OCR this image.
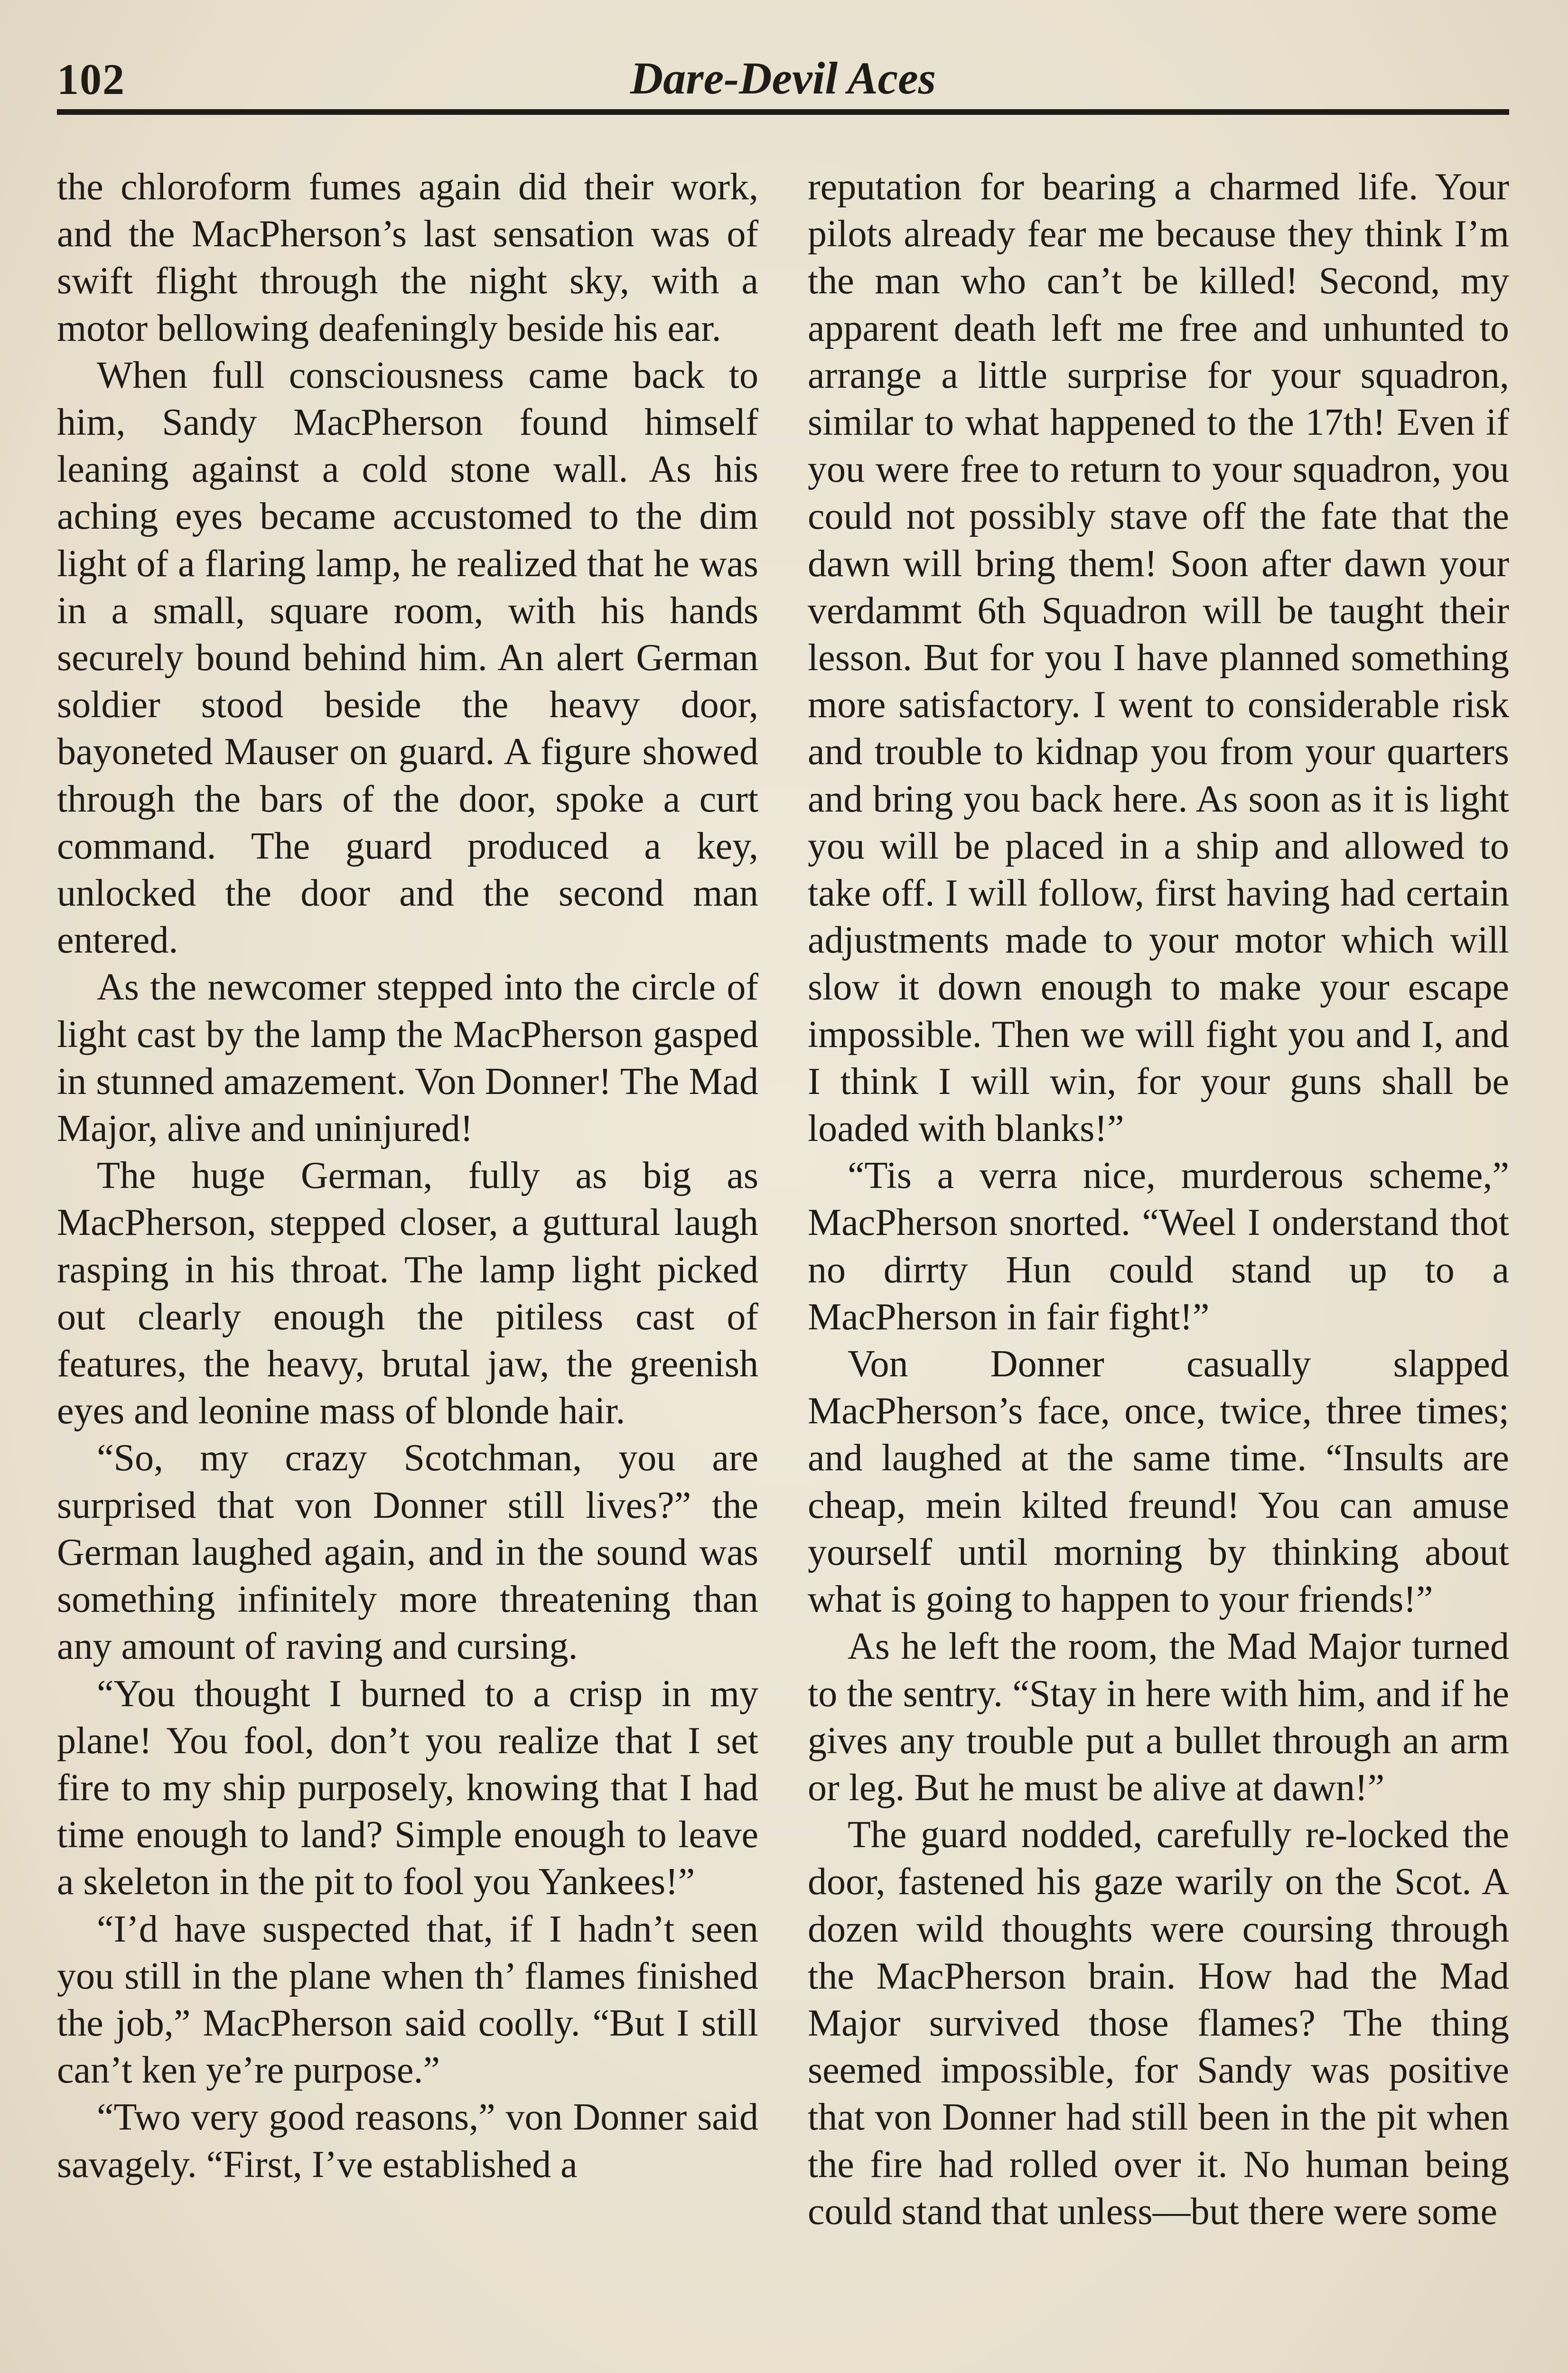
102	Dare-Devil Aces

the chloroform fumes again did their work, and the MacPherson’s last sensation was of swift flight through the night sky, with a motor bellowing deafeningly beside his ear.

When full consciousness came back to him, Sandy MacPherson found himself leaning against a cold stone wall. As his aching eyes became accustomed to the dim light of a flaring lamp, he realized that he was in a small, square room, with his hands securely bound behind him. An alert German soldier stood beside the heavy door, bayoneted Mauser on guard. A figure showed through the bars of the door, spoke a curt command. The guard produced a key, unlocked the door and the second man entered.

As the newcomer stepped into the circle of light cast by the lamp the MacPherson gasped in stunned amazement. Von Donner! The Mad Major, alive and uninjured!

The huge German, fully as big as MacPherson, stepped closer, a guttural laugh rasping in his throat. The lamp light picked out clearly enough the pitiless cast of features, the heavy, brutal jaw, the greenish eyes and leonine mass of blonde hair.

“So, my crazy Scotchman, you are surprised that von Donner still lives?” the German laughed again, and in the sound was something infinitely more threatening than any amount of raving and cursing.

“You thought I burned to a crisp in my plane! You fool, don’t you realize that I set fire to my ship purposely, knowing that I had time enough to land? Simple enough to leave a skeleton in the pit to fool you Yankees!”

“I’d have suspected that, if I hadn’t seen you still in the plane when th’ flames finished the job,” MacPherson said coolly. “But I still can’t ken ye’re purpose.”

“Two very good reasons,” von Donner said savagely. “First, I’ve established a

reputation for bearing a charmed life. Your pilots already fear me because they think I’m the man who can’t be killed! Second, my apparent death left me free and unhunted to arrange a little surprise for your squadron, similar to what happened to the 17th! Even if you were free to return to your squadron, you could not possibly stave off the fate that the dawn will bring them! Soon after dawn your verdammt 6th Squadron will be taught their lesson. But for you I have planned something more satisfactory. I went to considerable risk and trouble to kidnap you from your quarters and bring you back here. As soon as it is light you will be placed in a ship and allowed to take off. I will follow, first having had certain adjustments made to your motor which will slow it down enough to make your escape impossible. Then we will fight you and I, and I think I will win, for your guns shall be loaded with blanks!”

“Tis a verra nice, murderous scheme,” MacPherson snorted. “Weel I onderstand thot no dirrty Hun could stand up to a MacPherson in fair fight!”

Von Donner casually slapped MacPherson’s face, once, twice, three times; and laughed at the same time. “Insults are cheap, mein kilted freund! You can amuse yourself until morning by thinking about what is going to happen to your friends!”

As he left the room, the Mad Major turned to the sentry. “Stay in here with him, and if he gives any trouble put a bullet through an arm or leg. But he must be alive at dawn!”

The guard nodded, carefully re-locked the door, fastened his gaze warily on the Scot. A dozen wild thoughts were coursing through the MacPherson brain. How had the Mad Major survived those flames? The thing seemed impossible, for Sandy was positive that von Donner had still been in the pit when the fire had rolled over it. No human being could stand that unless—but there were some
